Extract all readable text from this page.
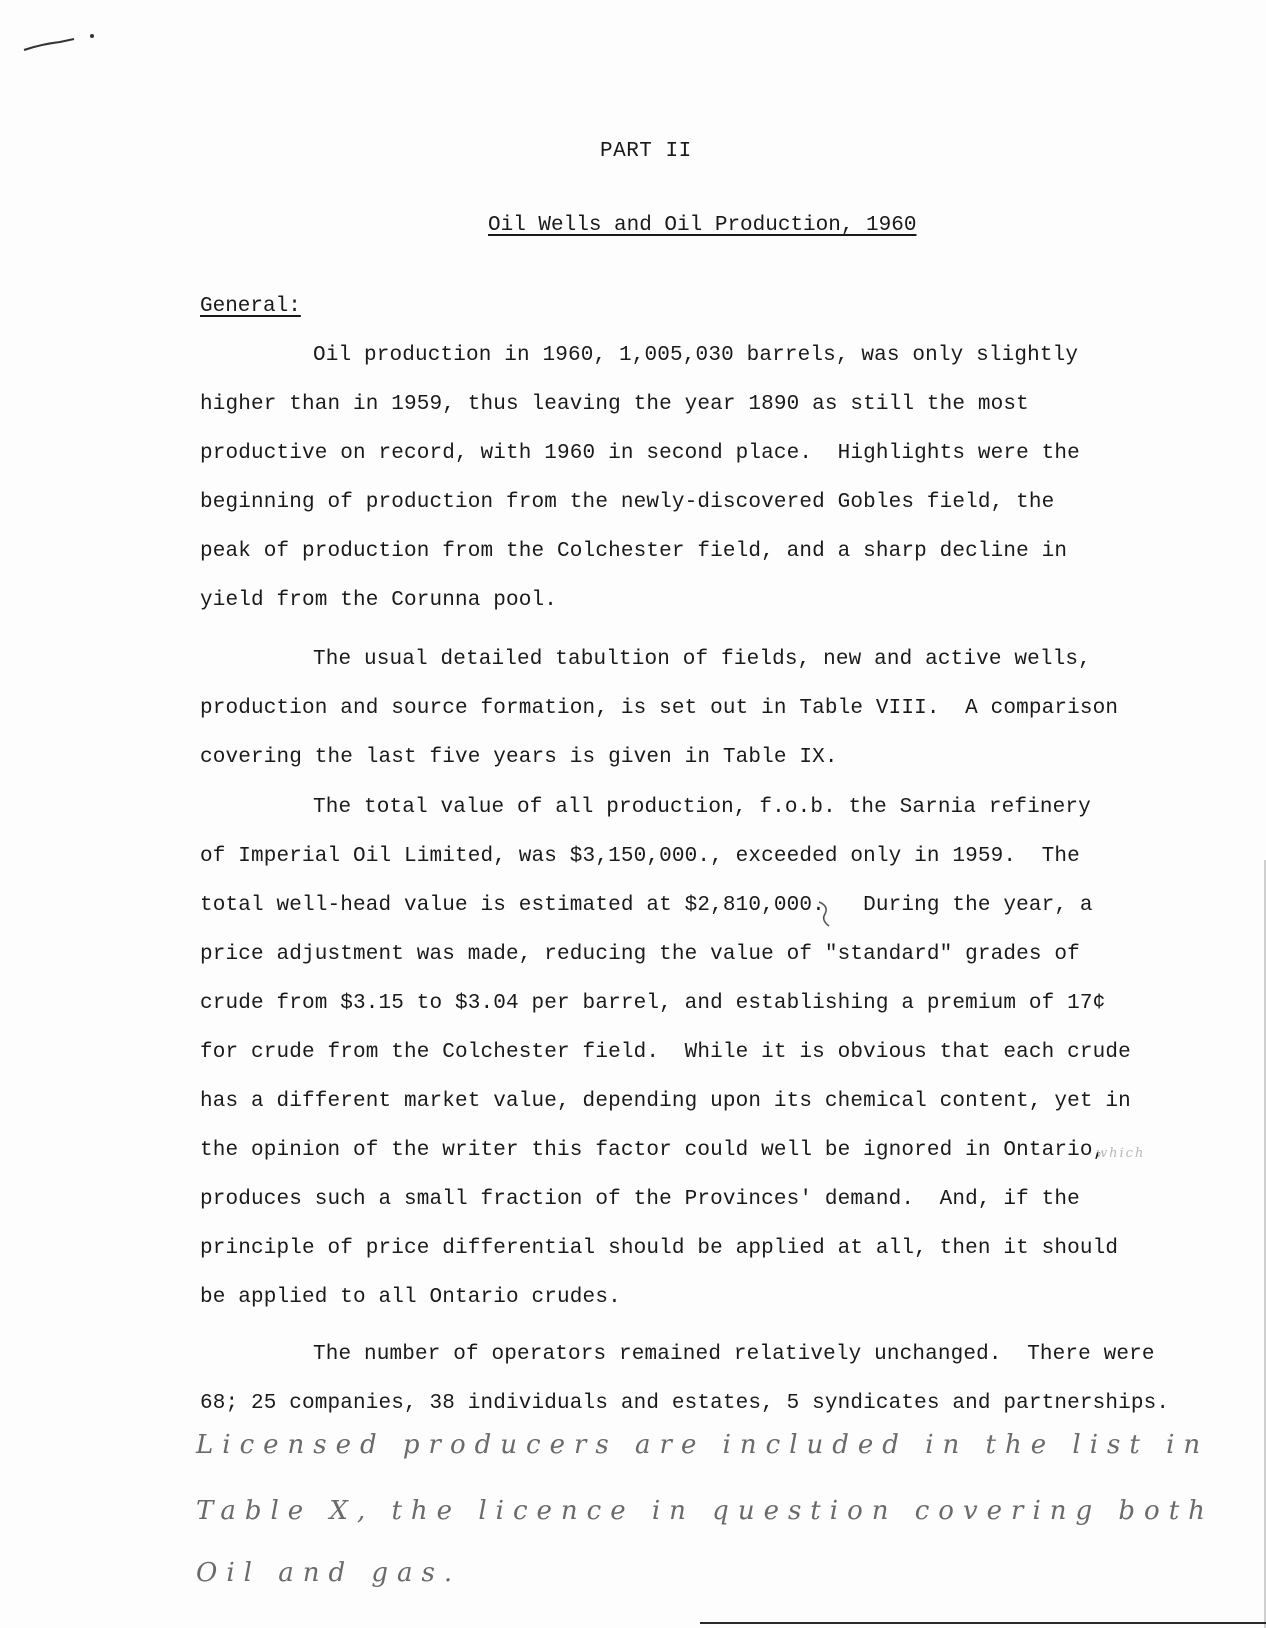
PART II
Oil Wells and Oil Production, 1960
General:

Oil production in 1960, 1,005,030 barrels, was only slightly

higher than in 1959, thus leaving the year 1890 as still the most

productive on record, with 1960 in second place.  Highlights were the

beginning of production from the newly-discovered Gobles field, the

peak of production from the Colchester field, and a sharp decline in

yield from the Corunna pool.

The usual detailed tabultion of fields, new and active wells,

production and source formation, is set out in Table VIII.  A comparison

covering the last five years is given in Table IX.

The total value of all production, f.o.b. the Sarnia refinery

of Imperial Oil Limited, was $3,150,000., exceeded only in 1959.  The

total well-head value is estimated at $2,810,000.   During the year, a

price adjustment was made, reducing the value of "standard" grades of

crude from $3.15 to $3.04 per barrel, and establishing a premium of 17¢

for crude from the Colchester field.  While it is obvious that each crude

has a different market value, depending upon its chemical content, yet in

the opinion of the writer this factor could well be ignored in Ontario,

produces such a small fraction of the Provinces' demand.  And, if the

principle of price differential should be applied at all, then it should

be applied to all Ontario crudes.

The number of operators remained relatively unchanged.  There were

68; 25 companies, 38 individuals and estates, 5 syndicates and partnerships.

which

Licensed producers are included in the list in

Table X, the licence in question covering both

Oil and gas.
